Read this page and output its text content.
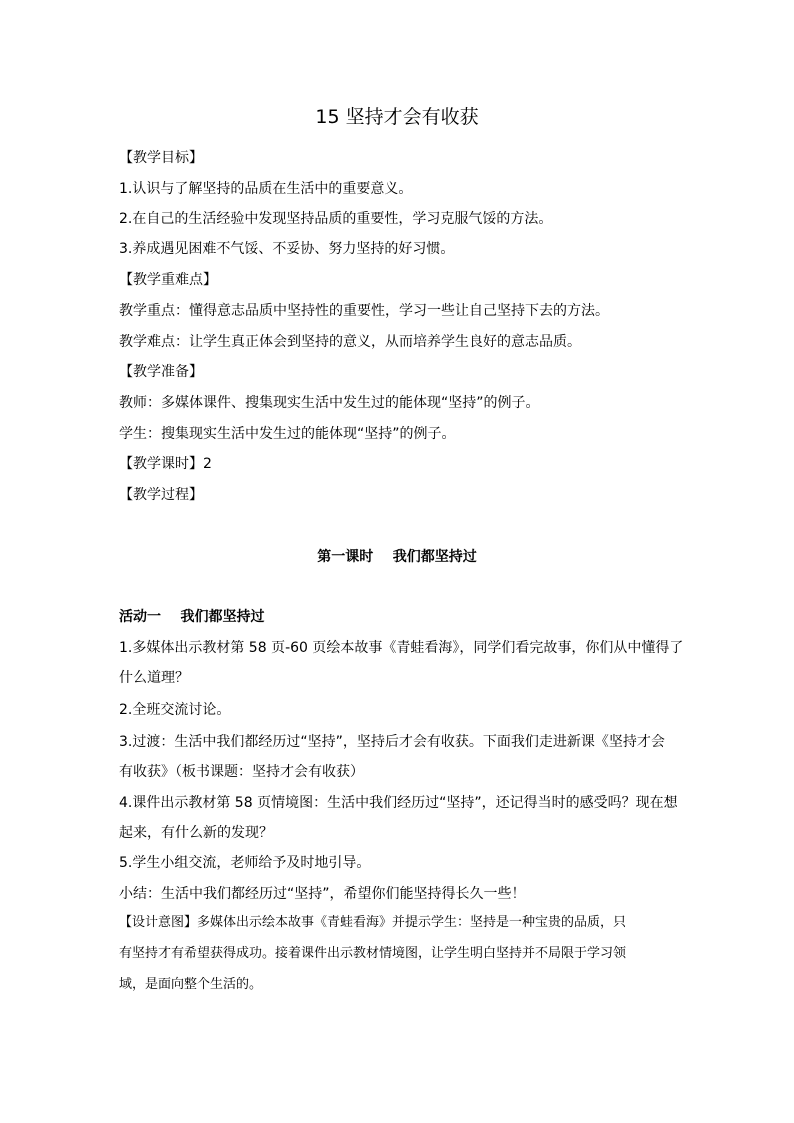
15 坚持才会有收获
【教学目标】
1.认识与了解坚持的品质在生活中的重要意义。
2.在自己的生活经验中发现坚持品质的重要性，学习克服气馁的方法。
3.养成遇见困难不气馁、不妥协、努力坚持的好习惯。
【教学重难点】
教学重点：懂得意志品质中坚持性的重要性，学习一些让自己坚持下去的方法。
教学难点：让学生真正体会到坚持的意义，从而培养学生良好的意志品质。
【教学准备】
教师：多媒体课件、搜集现实生活中发生过的能体现“坚持”的例子。
学生：搜集现实生活中发生过的能体现“坚持”的例子。
【教学课时】2
【教学过程】
第一课时    我们都坚持过
活动一    我们都坚持过
1.多媒体出示教材第 58 页-60 页绘本故事《青蛙看海》，同学们看完故事，你们从中懂得了
什么道理？
2.全班交流讨论。
3.过渡：生活中我们都经历过“坚持”，坚持后才会有收获。下面我们走进新课《坚持才会
有收获》（板书课题：坚持才会有收获）
4.课件出示教材第 58 页情境图：生活中我们经历过“坚持”，还记得当时的感受吗？现在想
起来，有什么新的发现？
5.学生小组交流，老师给予及时地引导。
小结：生活中我们都经历过“坚持”，希望你们能坚持得长久一些！
【设计意图】多媒体出示绘本故事《青蛙看海》并提示学生：坚持是一种宝贵的品质，只
有坚持才有希望获得成功。接着课件出示教材情境图，让学生明白坚持并不局限于学习领
域，是面向整个生活的。
